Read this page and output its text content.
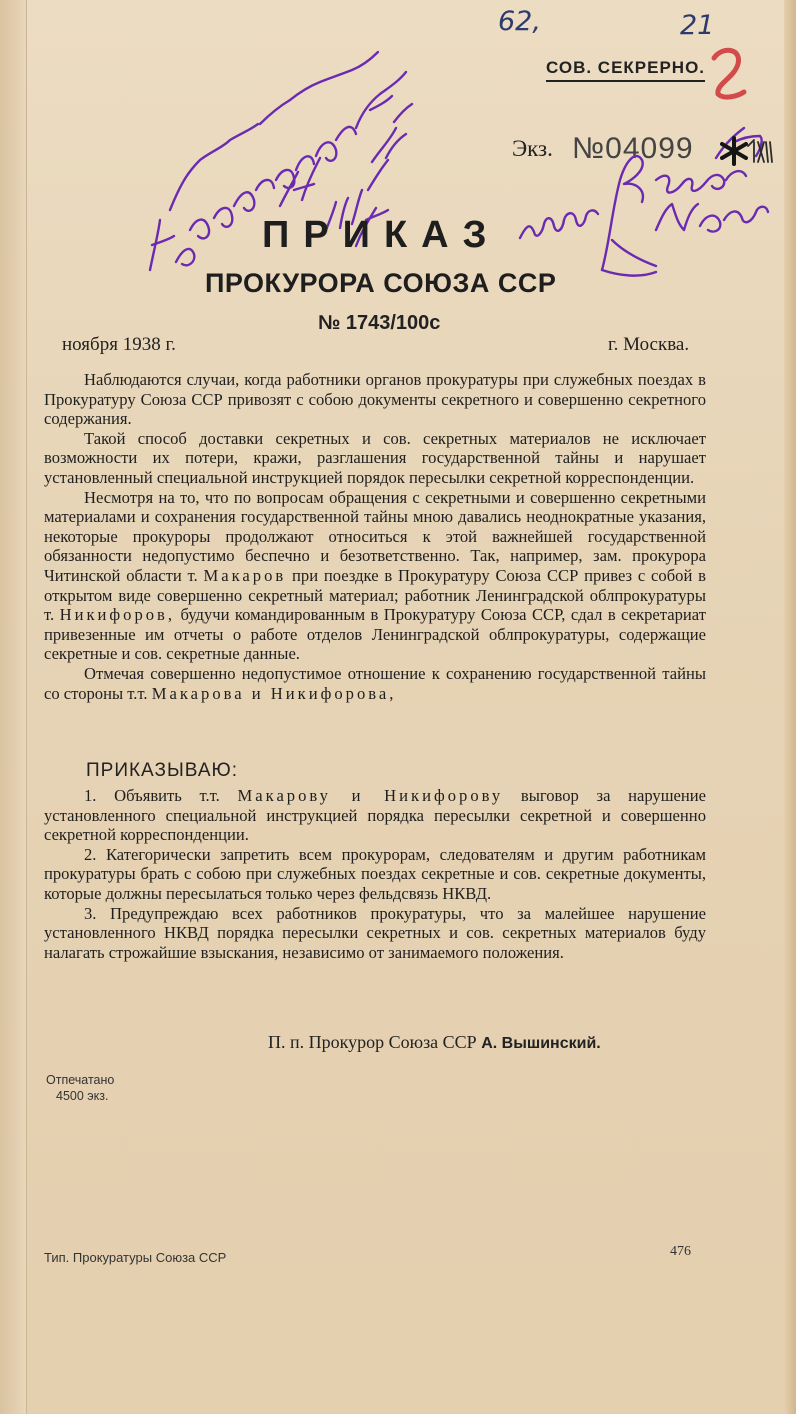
62,	21
СОВ. СЕКРЕРНО.
Экз. №04099
ПРИКАЗ
ПРОКУРОРА СОЮЗА ССР
№ 1743/100с
ноября 1938 г.	г. Москва.

Наблюдаются случаи, когда работники органов прокуратуры при служебных поездах в Прокуратуру Союза ССР привозят с собою документы секретного и совершенно секретного содержания.

Такой способ доставки секретных и сов. секретных материалов не исключает возможности их потери, кражи, разглашения государственной тайны и нарушает установленный специальной инструкцией порядок пересылки секретной корреспонденции.

Несмотря на то, что по вопросам обращения с секретными и совершенно секретными материалами и сохранения государственной тайны мною давались неоднократные указания, некоторые прокуроры продолжают относиться к этой важнейшей государственной обязанности недопустимо беспечно и безответственно. Так, например, зам. прокурора Читинской области т. Макаров при поездке в Прокуратуру Союза ССР привез с собой в открытом виде совершенно секретный материал; работник Ленинградской облпрокуратуры т. Никифоров, будучи командированным в Прокуратуру Союза ССР, сдал в секретариат привезенные им отчеты о работе отделов Ленинградской облпрокуратуры, содержащие секретные и сов. секретные данные.

Отмечая совершенно недопустимое отношение к сохранению государственной тайны со стороны т.т. Макарова и Никифорова,

ПРИКАЗЫВАЮ:

1. Объявить т.т. Макарову и Никифорову выговор за нарушение установленного специальной инструкцией порядка пересылки секретной и совершенно секретной корреспонденции.

2. Категорически запретить всем прокурорам, следователям и другим работникам прокуратуры брать с собою при служебных поездах секретные и сов. секретные документы, которые должны пересылаться только через фельдсвязь НКВД.

3. Предупреждаю всех работников прокуратуры, что за малейшее нарушение установленного НКВД порядка пересылки секретных и сов. секретных материалов буду налагать строжайшие взыскания, независимо от занимаемого положения.

П. п. Прокурор Союза ССР А. Вышинский.
Отпечатано
4500 экз.
Тип. Прокуратуры Союза ССР	476
